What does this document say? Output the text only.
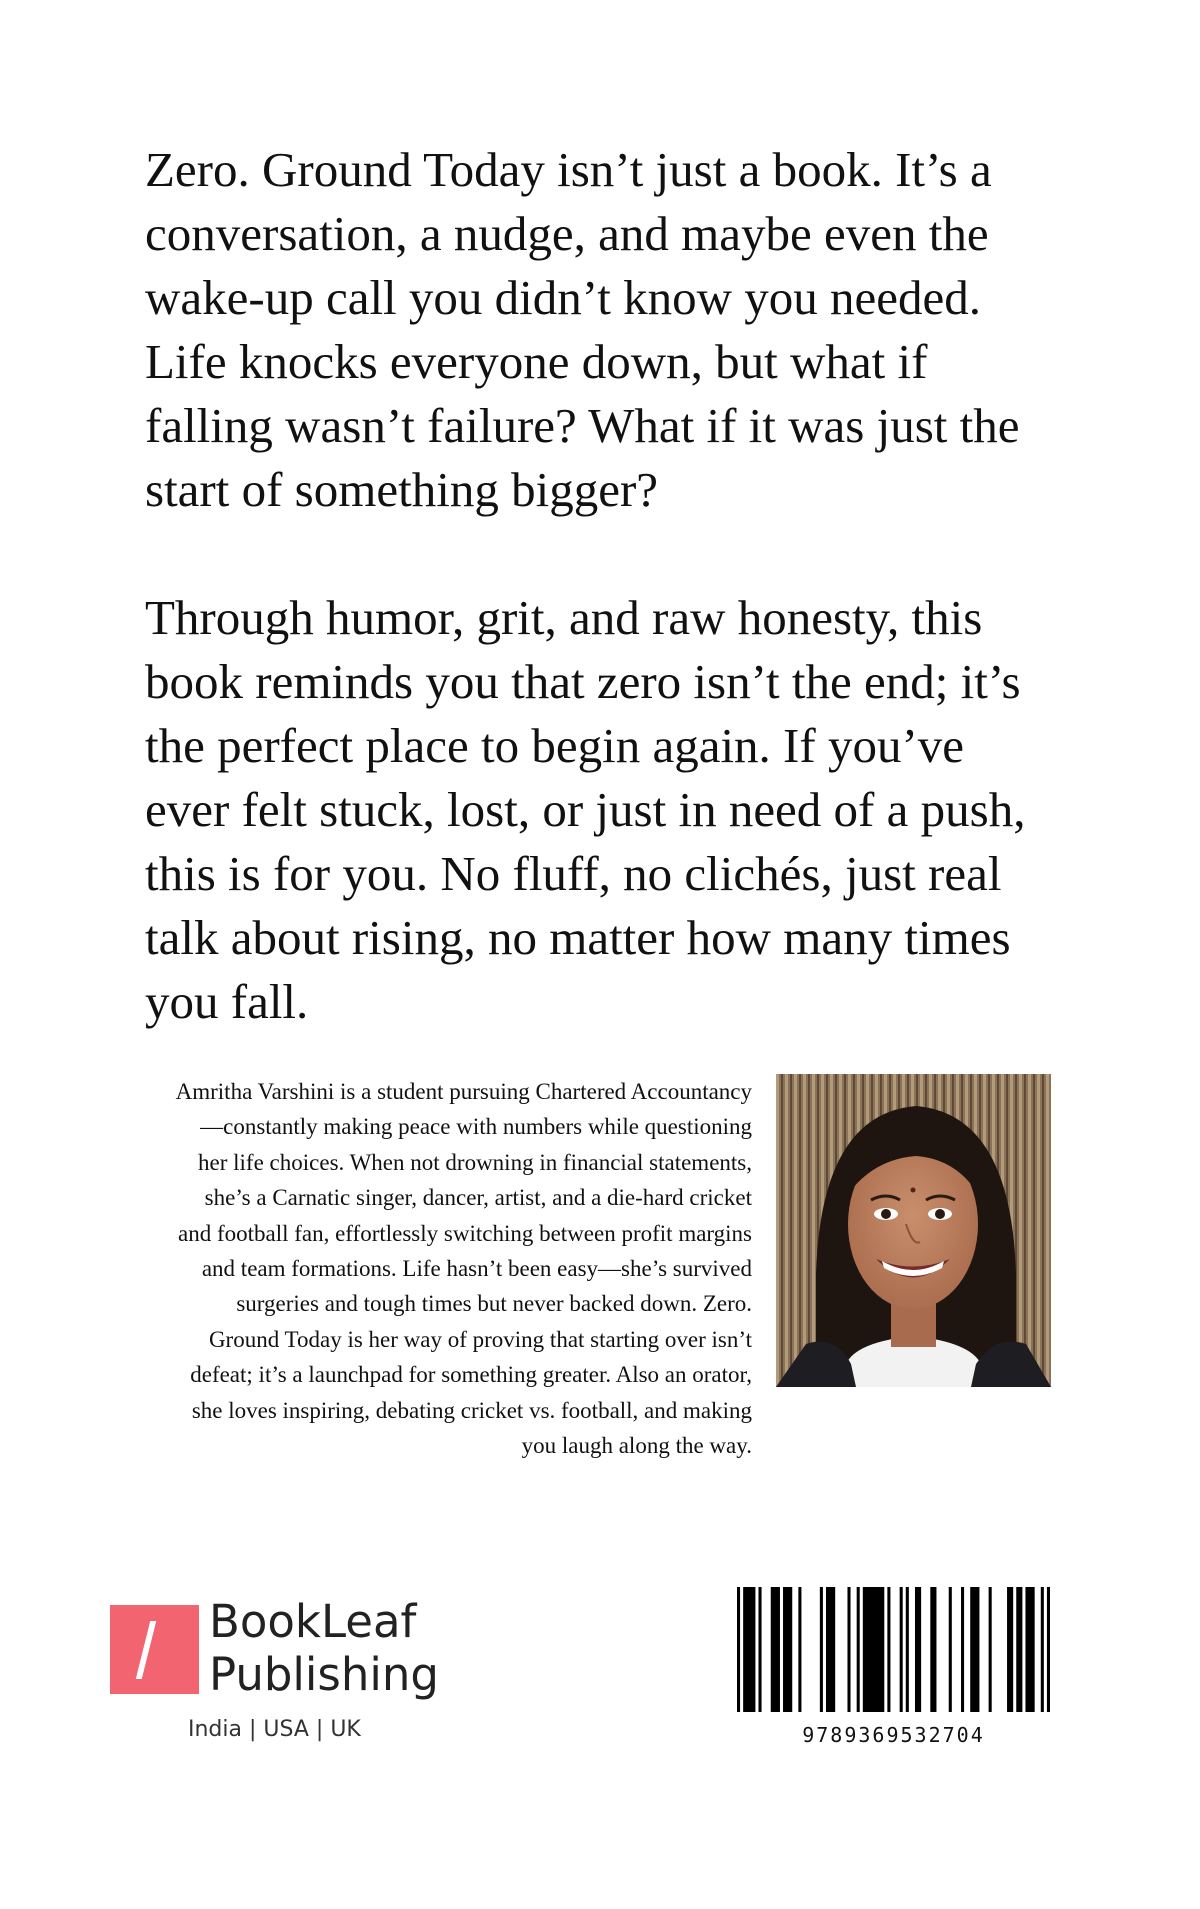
Zero. Ground Today isn’t just a book. It’s a conversation, a nudge, and maybe even the wake-up call you didn’t know you needed. Life knocks everyone down, but what if falling wasn’t failure? What if it was just the start of something bigger?

Through humor, grit, and raw honesty, this book reminds you that zero isn’t the end; it’s the perfect place to begin again. If you’ve ever felt stuck, lost, or just in need of a push, this is for you. No fluff, no clichés, just real talk about rising, no matter how many times you fall.

Amritha Varshini is a student pursuing Chartered Accountancy—constantly making peace with numbers while questioning her life choices. When not drowning in financial statements, she’s a Carnatic singer, dancer, artist, and a die-hard cricket and football fan, effortlessly switching between profit margins and team formations. Life hasn’t been easy—she’s survived surgeries and tough times but never backed down. Zero. Ground Today is her way of proving that starting over isn’t defeat; it’s a launchpad for something greater. Also an orator, she loves inspiring, debating cricket vs. football, and making you laugh along the way.

BookLeaf
Publishing
India | USA | UK	9789369532704
